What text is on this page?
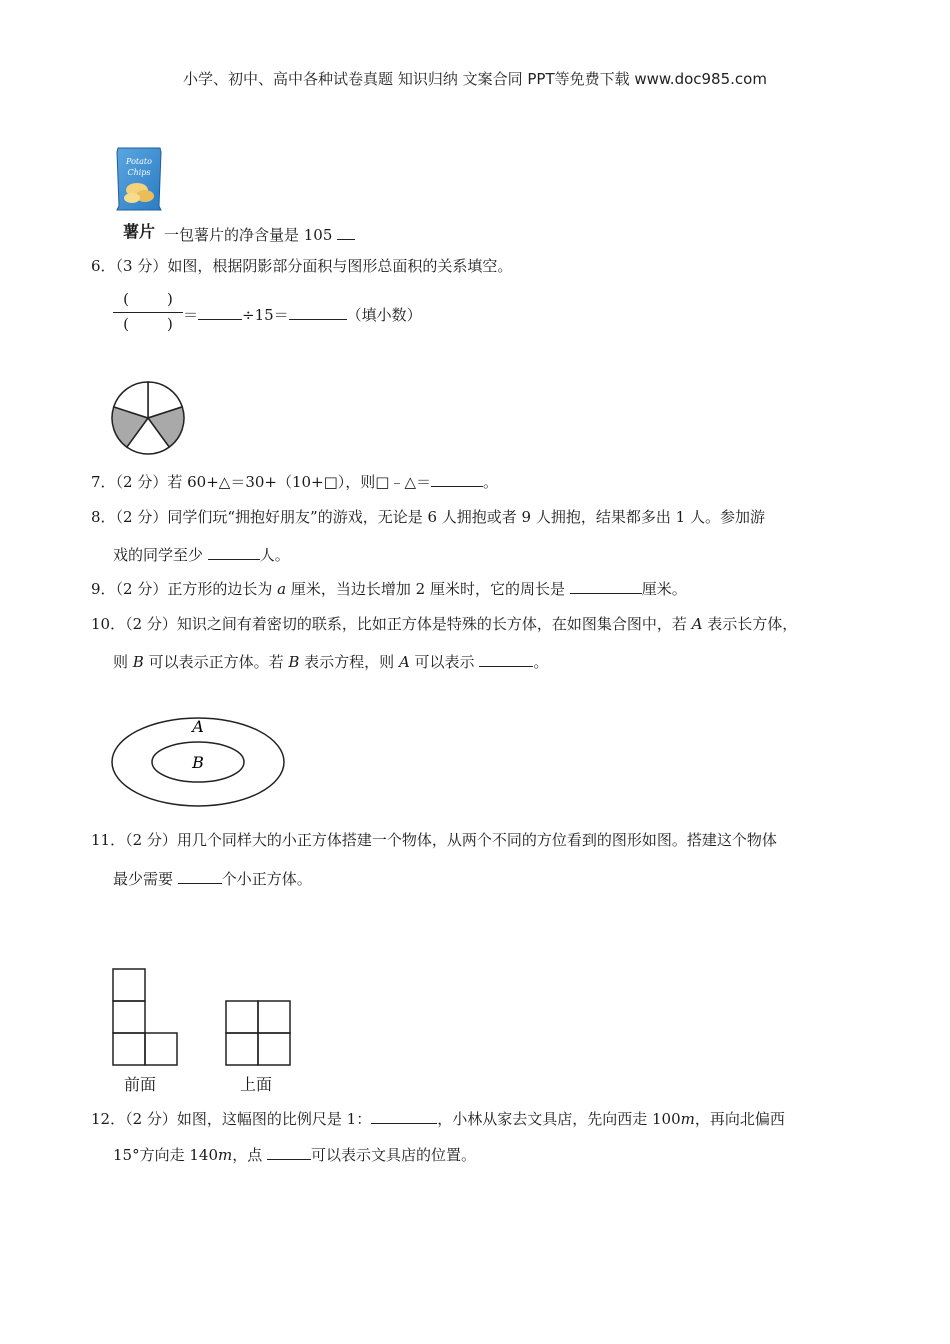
小学、初中、高中各种试卷真题 知识归纳 文案合同 PPT等免费下载 www.doc985.com
Potato
Chips
薯片 一包薯片的净含量是 105
6．（3 分）如图，根据阴影部分面积与图形总面积的关系填空。
(        )
(        ) ＝	÷15＝	（填小数）
7．（2 分）若 60+△＝30+（10+□），则□﹣△＝	。
8．（2 分）同学们玩“拥抱好朋友”的游戏，无论是 6 人拥抱或者 9 人拥抱，结果都多出 1 人。参加游
戏的同学至少	人。
9．（2 分）正方形的边长为 a 厘米，当边长增加 2 厘米时，它的周长是	厘米。
10．（2 分）知识之间有着密切的联系，比如正方体是特殊的长方体，在如图集合图中，若 A 表示长方体，
则 B 可以表示正方体。若 B 表示方程，则 A 可以表示	。
A
B
11．（2 分）用几个同样大的小正方体搭建一个物体，从两个不同的方位看到的图形如图。搭建这个物体
最少需要	个小正方体。
前面	上面
12．（2 分）如图，这幅图的比例尺是 1：	，小林从家去文具店，先向西走 100m，再向北偏西
15°方向走 140m，点	可以表示文具店的位置。
